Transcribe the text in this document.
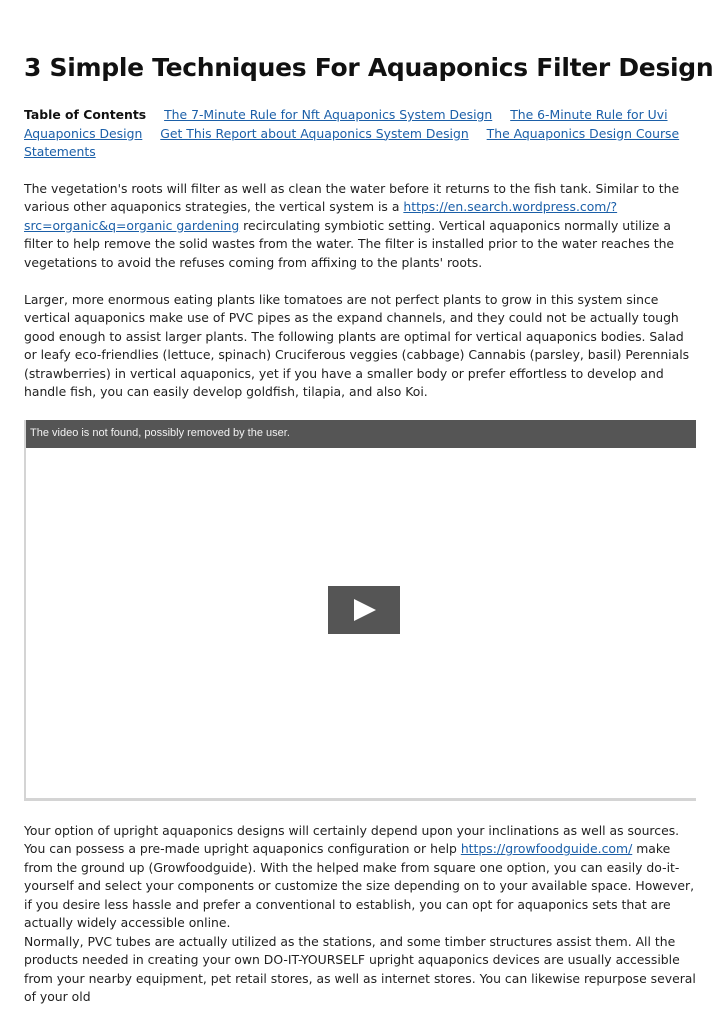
3 Simple Techniques For Aquaponics Filter Design
Table of Contents The 7-Minute Rule for Nft Aquaponics System Design The 6-Minute Rule for Uvi Aquaponics Design Get This Report about Aquaponics System Design The Aquaponics Design Course Statements

The vegetation's roots will filter as well as clean the water before it returns to the fish tank. Similar to the various other aquaponics strategies, the vertical system is a https://en.search.wordpress.com/?src=organic&q=organic gardening recirculating symbiotic setting. Vertical aquaponics normally utilize a filter to help remove the solid wastes from the water. The filter is installed prior to the water reaches the vegetations to avoid the refuses coming from affixing to the plants' roots.

Larger, more enormous eating plants like tomatoes are not perfect plants to grow in this system since vertical aquaponics make use of PVC pipes as the expand channels, and they could not be actually tough good enough to assist larger plants. The following plants are optimal for vertical aquaponics bodies. Salad or leafy eco-friendlies (lettuce, spinach) Cruciferous veggies (cabbage) Cannabis (parsley, basil) Perennials (strawberries) in vertical aquaponics, yet if you have a smaller body or prefer effortless to develop and handle fish, you can easily develop goldfish, tilapia, and also Koi.

The video is not found, possibly removed by the user.

Your option of upright aquaponics designs will certainly depend upon your inclinations as well as sources. You can possess a pre-made upright aquaponics configuration or help https://growfoodguide.com/ make from the ground up (Growfoodguide). With the helped make from square one option, you can easily do-it-yourself and select your components or customize the size depending on to your available space. However, if you desire less hassle and prefer a conventional to establish, you can opt for aquaponics sets that are actually widely accessible online.

Normally, PVC tubes are actually utilized as the stations, and some timber structures assist them. All the products needed in creating your own DO-IT-YOURSELF upright aquaponics devices are usually accessible from your nearby equipment, pet retail stores, as well as internet stores. You can likewise repurpose several of your old
